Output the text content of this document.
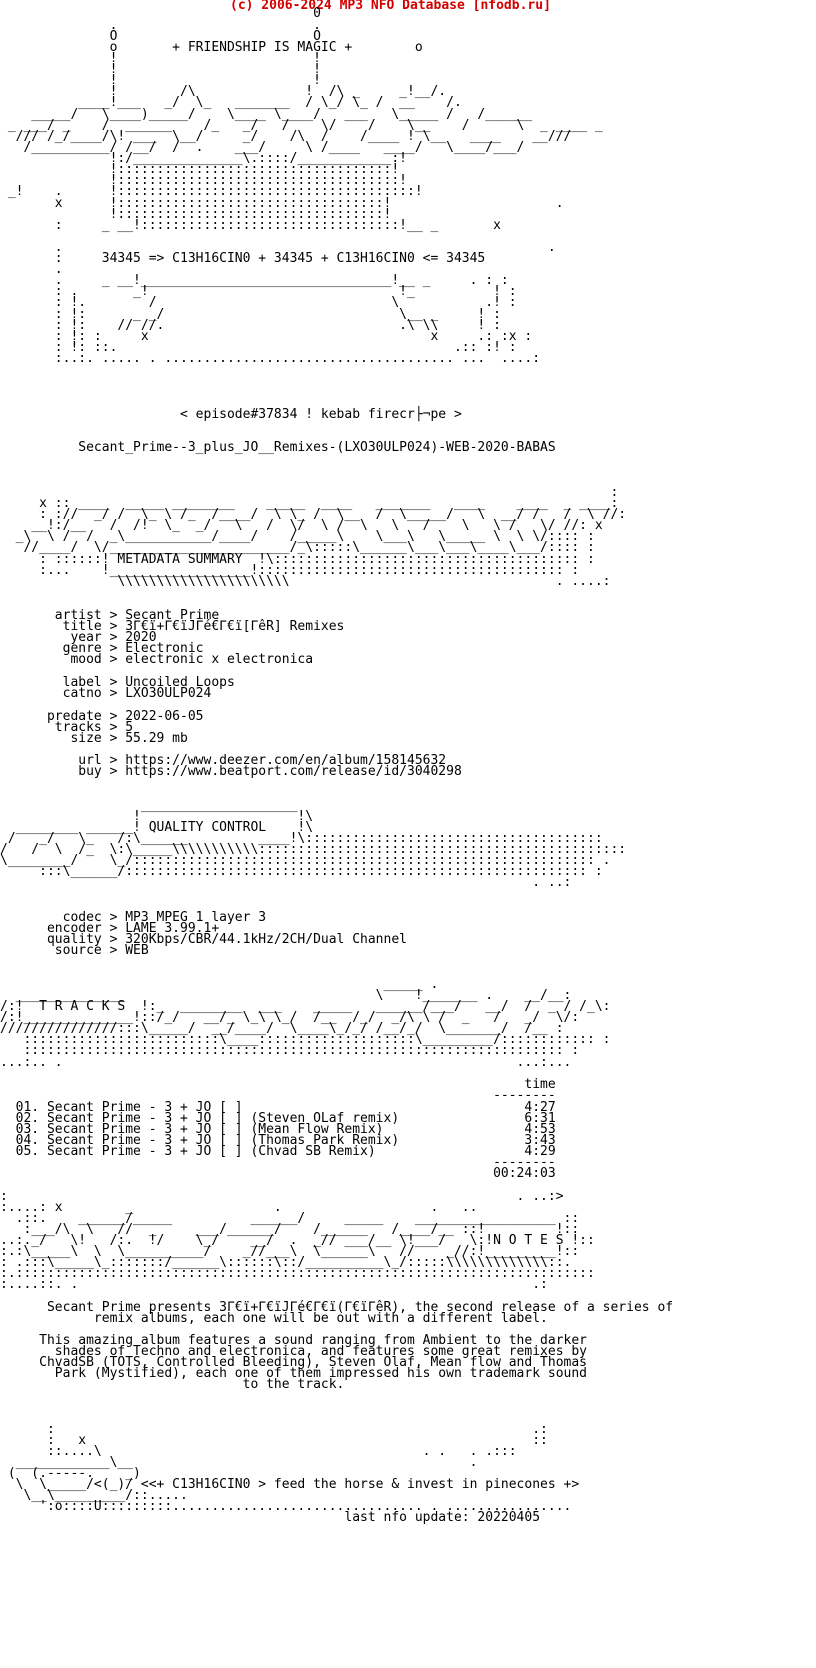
(c) 2006-2024 MP3 NFO Database [nfodb.ru]
0
.                         .
O                         O
o       + FRIENDSHIP IS MAGIC +        o
!                         !
!                         !
!                         !
!        /\              !  /\ _     _!__/.
____!___   _/  \_   _______  / \_/ \_ /  __    /.
_____/   \____)_____/    \____ \____/   ___   \_____ /   /______
_ ___/ _    /  ______    /_   _/   /    \/    /    \__    /      \  _ ____ _
/// /_/____/\! ___  \__/     _/    /\  /    /____ ! \__   ____    __///
/__________/ /__/  /  .    ___/     \ /____   ____/   \____/___/
!:/______________\.::::/____________:!
!:::::::::::::::::::::::::::::::::::!
!::::::::::::::::::::::::::::::::::::!
_!    .      !::::::::::::::::::::::::::::::::::::::!
x      !::::::::::::::::::::::::::::::::::!                     .
!::::::::::::::::::::::::::::::::::!
:     _ __!:::::::::::::::::::::::::::::::::!__ _       x
.                                                              .
:     34345 => C13H16CIN0 + 34345 + C13H16CIN0 <= 34345
.
.     _ __!________________________________!__ _     . : :
: .       _!                                !_          ! :
: !.        /                              \           .! :
: !:      _ _/                              \__ _     ! :
: !:    // //.                              .\ \\     ! :
: !: :     x                                    x     .: :x :
: !: ::.                                           .:: :! :
:..:. ..... . ..................................... ...  ....:
< episode#37834 ! kebab firecr├¬pe >
Secant_Prime--3_plus_JO__Remixes-(LXO30ULP024)-WEB-2020-BABAS
:
x :: ____  _____ ________    _____  ____   _______   ____    ____  _ ____:
: ://  _/ /  \_ \ /_  /____/  \ \_ /  \__  /  \_____/   \  __/ /   /  \ //:
__!:/__   /  /!  \_  _/   \   /  \/  \ /  \   \   /    \   \ /   \/ //: x
_\  \ /  /  _\___________/____/    /_____\    \___\   \_____ \  \ \/:::: :
//____/  \/_______________________/_\:::::\______\___\___\____\___/:::: :
: ::::::! METADATA SUMMARY  !\::::::::::::::::::::::::::::::::::::::: :
:...    !__________________!::::::::::::::::::::::::::::::::::::::: :
\\\\\\\\\\\\\\\\\\\\\\                                  . ....:
artist > Secant Prime
title > 3Γ€ï+Γ€ïJΓé€Γ€ï[ΓêR] Remixes
year > 2020
genre > Electronic
mood > electronic x electronica
label > Uncoiled Loops
catno > LXO30ULP024
predate > 2022-06-05
tracks > 5
size > 55.29 mb
url > https://www.deezer.com/en/album/158145632
buy > https://www.beatport.com/release/id/3040298
____________________
!                    !\
________ ______! QUALITY CONTROL    !\
/   _/   \_   /:\______         ____!\::::::::::::::::::::::::::::::::::::::
/   /  \  /_  \:\_____\\\\\\\\\\\:::::::::::::::::::::::::::::::::::::::::::::::
\________/    \_/::::::::::::::::::::::::::::::::::::::::::::::::::::::::::: .
:::\______/::::::::::::::::::::::::::::::::::::::::::::::::::::::::::: :
. ..:
codec > MP3 MPEG 1 layer 3
encoder > LAME 3.99.1+
quality > 320Kbps/CBR/44.1kHz/2CH/Dual Channel
source > WEB
_____ .
______________                                \    !_______ .    __/__:
/:!  T R A C K S  !:_  ________  ___    _____   ______/___/   __/  /  _ / /_\:
/:!______________!::/_/   __/_ \_\ \_/  /__  /_/  _/\ \ /  _   /   _/  \/:
///////////////:::\_____/  __/____/  \____\_/_/ /__/_/  \_______/  /__ :
:::::::::::::::::::::::::\____::::::::::::::::::::\_________/:::::::::::: :
::::::::::::::::::::::::::::::::::::::::::::::::::::::::::::::::::::: :
...:.. .                                                          ...:...
time
--------
01. Secant Prime - 3 + JO [ ]                                    4:27
02. Secant Prime - 3 + JO [ ] (Steven OLaf remix)                6:31
03. Secant Prime - 3 + JO [ ] (Mean Flow Remix)                  4:53
04. Secant Prime - 3 + JO [ ] (Thomas Park Remix)                3:43
05. Secant Prime - 3 + JO [ ] (Chvad SB Remix)                   4:29
--------
00:24:03
:                                                                 . ..:>
:....: x        _                  .                   .   ..
.::.    ______/_____          ______/     _____    __________________ ::
:___/\  \   //  _     ___/______/    /______   /____/__ ::!         !::
..:._/   \!   /:.  !/    \_/    __/  .  _// ___/__ \!___/   \:!N O T E S !::
:.:\_____\  \  \__________/    _//___\  \______\   //    _//:!_________!::
: .:::\_____\_:::::::/______\::::::\::/__________\_/:::::\\\\\\\\\\\\\::.
:.::::::::::::::::::::::::::::::::::::::::::::::::::::::::::::::::::::::::::
:....::. .                                                          .:
Secant Prime presents 3Γ€ï+Γ€ïJΓé€Γ€ï(Γ€ïΓêR), the second release of a series of
remix albums, each one will be out with a different label.
This amazing album features a sound ranging from Ambient to the darker
shades of Techno and electronica, and features some great remixes by
ChvadSB (TOTS, Controlled Bleeding), Steven Olaf, Mean flow and Thomas
Park (Mystified), each one of them impressed his own trademark sound
to the track.
:                                                             .:
:   x                                                         ::
::....\                                         . .   . .:::
____________\__                                           .
(  (.-----.    _)
\  \_____/<(_)/ <<+ C13H16CIN0 > feed the horse & invest in pinecones +>
\__\_________/::.....
':o::::U:::::::::................................ . ................
last nfo update: 20220405
